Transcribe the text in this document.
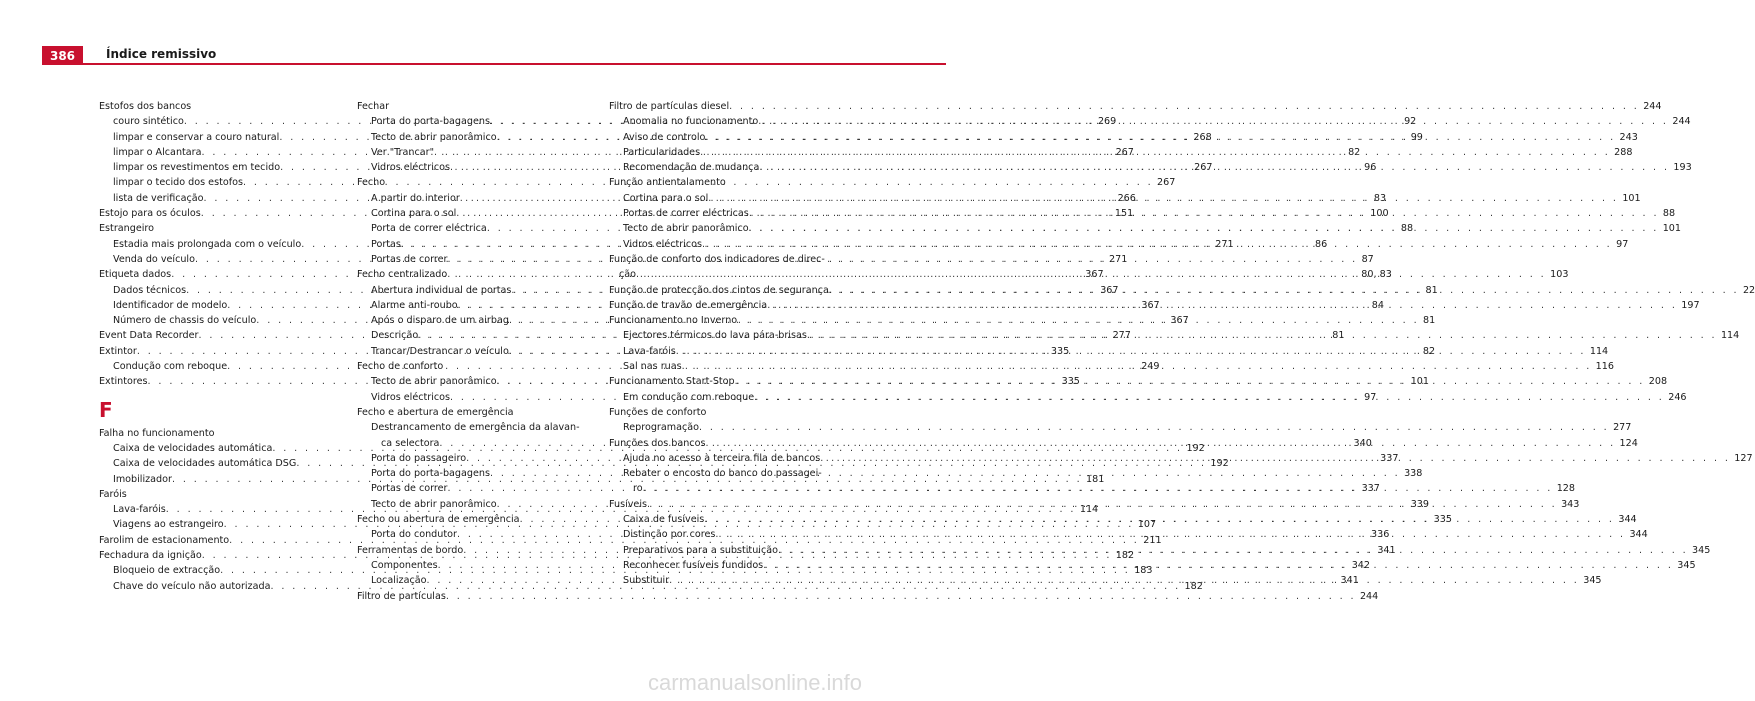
386	Índice remissivo
Estofos dos bancos
couro sintético . . .	269
limpar e conservar a couro natural . . .	268
limpar o Alcantara . . .	267
limpar os revestimentos em tecido . . .	267
limpar o tecido dos estofos . . .	267
lista de verificação . . .	266
Estojo para os óculos . . .	151
Estrangeiro
Estadia mais prolongada com o veículo . . .	271
Venda do veículo . . .	271
Etiqueta dados . . .	367
Dados técnicos . . .	367
Identificador de modelo . . .	367
Número de chassis do veículo . . .	367
Event Data Recorder . . .	277
Extintor . . .	335
Condução com reboque . . .	249
Extintores . . .	335
F
Falha no funcionamento
Caixa de velocidades automática . . .	192
Caixa de velocidades automática DSG . . .	192
Imobilizador . . .	181
Faróis
Lava-faróis . . .	114
Viagens ao estrangeiro . . .	107
Farolim de estacionamento . . .	211
Fechadura da ignição . . .	182
Bloqueio de extracção . . .	183
Chave do veículo não autorizada . . .	182
Fechar
Porta do porta-bagagens . . .	92
Tecto de abrir panorâmico . . .	99
Ver "Trancar" . . .	82
Vidros eléctricos . . .	96
Fecho
A partir do interior . . .	83
Cortina para o sol . . .	100
Porta de correr eléctrica . . .	88
Portas . . .	86
Portas de correr . . .	87
Fecho centralizado . . .	80, 83
Abertura individual de portas . . .	81
Alarme anti-roubo . . .	84
Após o disparo de um airbag . . .	81
Descrição . . .	81
Trancar/Destrancar o veículo . . .	82
Fecho de conforto
Tecto de abrir panorâmico . . .	101
Vidros eléctricos . . .	97
Fecho e abertura de emergência
Destrancamento de emergência da alavan-
ca selectora . . .	340
Porta do passageiro . . .	337
Porta do porta-bagagens . . .	338
Portas de correr . . .	337
Tecto de abrir panorâmico . . .	339
Fecho ou abertura de emergência . . .	335
Porta do condutor . . .	336
Ferramentas de bordo . . .	341
Componentes . . .	342
Localização . . .	341
Filtro de partículas . . .	244
Filtro de partículas diesel . . .	244
Anomalia no funcionamento . . .	244
Aviso de controlo . . .	243
Particularidades . . .	288
Recomendação de mudança . . .	193
Função antientalamento
Cortina para o sol . . .	101
Portas de correr eléctricas . . .	88
Tecto de abrir panorâmico . . .	101
Vidros eléctricos . . .	97
Função de conforto dos indicadores de direc-
ção . . .	103
Função de protecção dos cintos de segurança . . .	22
Função de travão de emergência . . .	197
Funcionamento no Inverno
Ejectores térmicos do lava pára-brisas . . .	114
Lava-faróis . . .	114
Sal nas ruas . . .	116
Funcionamento Start-Stop . . .	208
Em condução com reboque . . .	246
Funções de conforto
Reprogramação . . .	277
Funções dos bancos . . .	124
Ajuda no acesso à terceira fila de bancos . . .	127
Rebater o encosto do banco do passagei-
ro . . .	128
Fusíveis . . .	343
Caixa de fusíveis . . .	344
Distinção por cores . . .	344
Preparativos para a substituição . . .	345
Reconhecer fusíveis fundidos . . .	345
Substituir . . .	345
carmanualsonline.info
